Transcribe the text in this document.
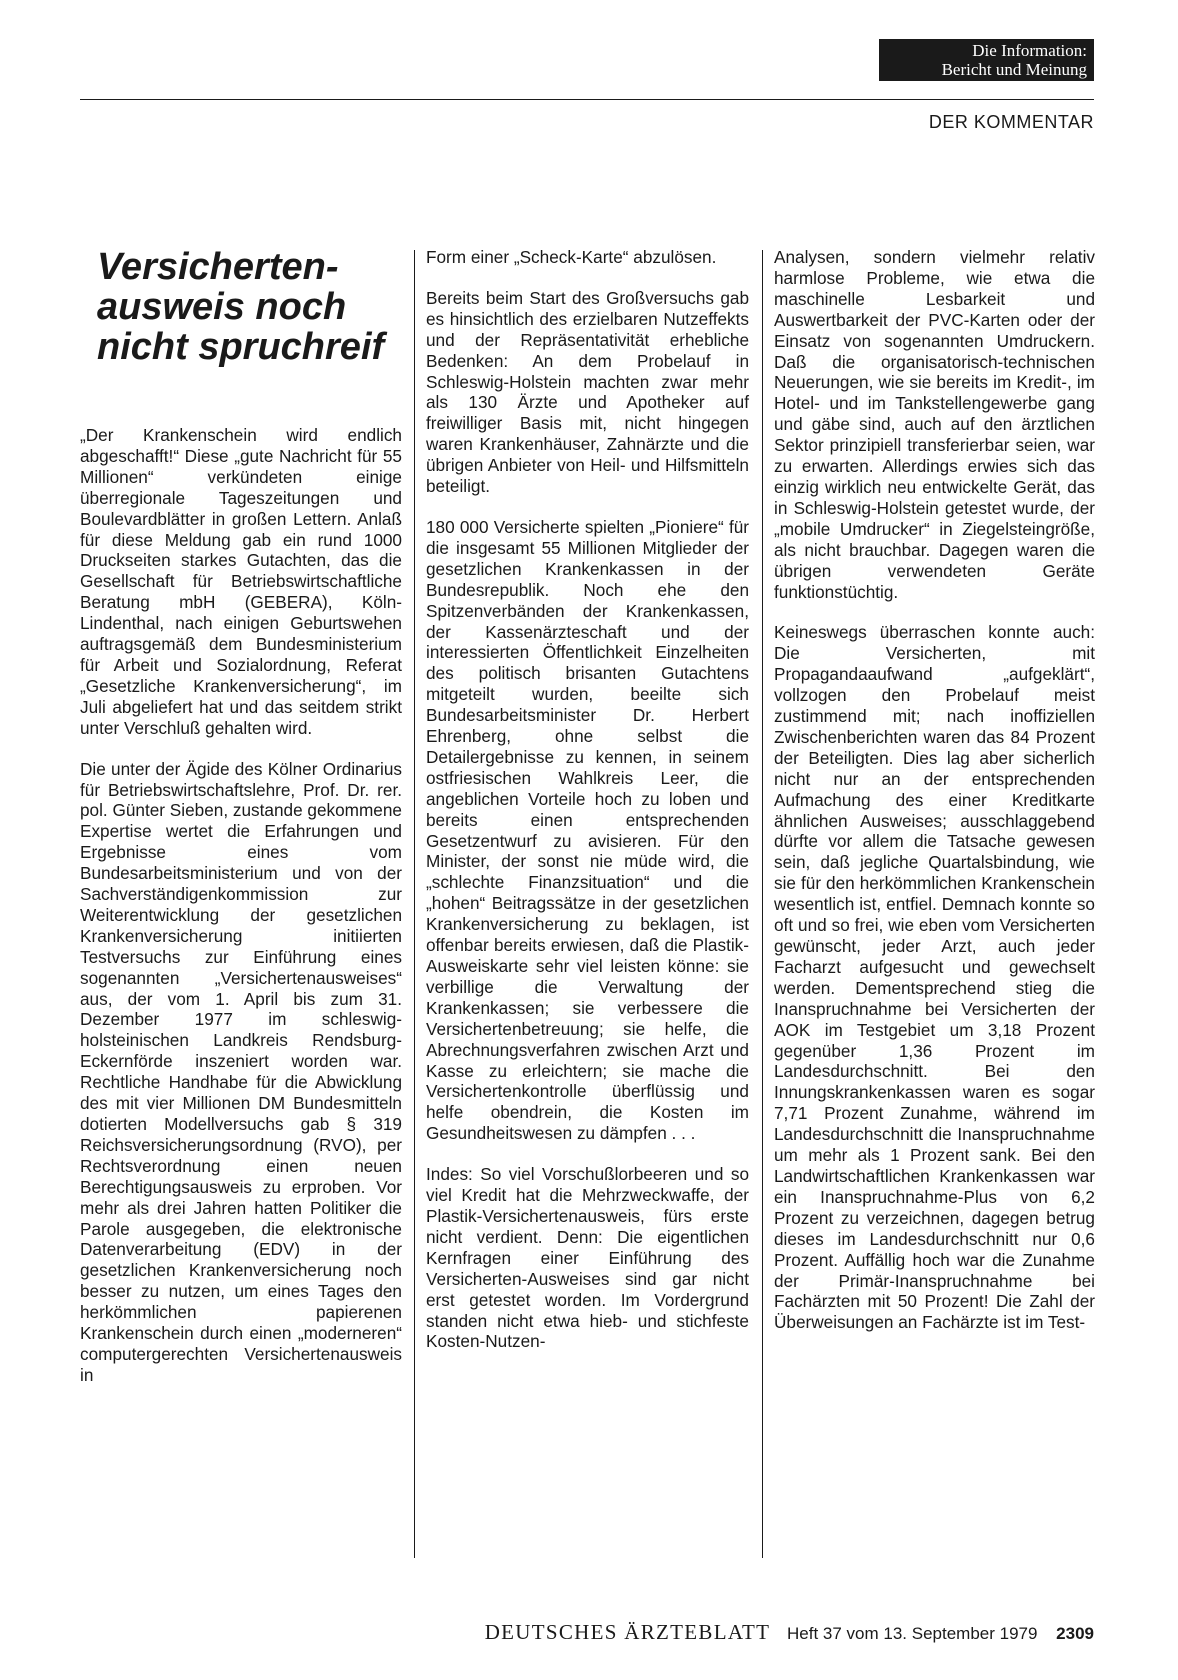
Die Information:
Bericht und Meinung
DER KOMMENTAR
Versicherten-ausweis noch nicht spruchreif

„Der Krankenschein wird endlich abgeschafft!“ Diese „gute Nachricht für 55 Millionen“ verkündeten einige überregionale Tageszeitungen und Boulevardblätter in großen Lettern. Anlaß für diese Meldung gab ein rund 1000 Druckseiten starkes Gutachten, das die Gesellschaft für Betriebswirtschaftliche Beratung mbH (GEBERA), Köln-Lindenthal, nach einigen Geburtswehen auftragsgemäß dem Bundesministerium für Arbeit und Sozialordnung, Referat „Gesetzliche Krankenversicherung“, im Juli abgeliefert hat und das seitdem strikt unter Verschluß gehalten wird.

Die unter der Ägide des Kölner Ordinarius für Betriebswirtschaftslehre, Prof. Dr. rer. pol. Günter Sieben, zustande gekommene Expertise wertet die Erfahrungen und Ergebnisse eines vom Bundesarbeitsministerium und von der Sachverständigenkommission zur Weiterentwicklung der gesetzlichen Krankenversicherung initiierten Testversuchs zur Einführung eines sogenannten „Versichertenausweises“ aus, der vom 1. April bis zum 31. Dezember 1977 im schleswig-holsteinischen Landkreis Rendsburg-Eckernförde inszeniert worden war. Rechtliche Handhabe für die Abwicklung des mit vier Millionen DM Bundesmitteln dotierten Modellversuchs gab § 319 Reichsversicherungsordnung (RVO), per Rechtsverordnung einen neuen Berechtigungsausweis zu erproben. Vor mehr als drei Jahren hatten Politiker die Parole ausgegeben, die elektronische Datenverarbeitung (EDV) in der gesetzlichen Krankenversicherung noch besser zu nutzen, um eines Tages den herkömmlichen papierenen Krankenschein durch einen „moderneren“ computergerechten Versichertenausweis in

Form einer „Scheck-Karte“ abzulösen.

Bereits beim Start des Großversuchs gab es hinsichtlich des erzielbaren Nutzeffekts und der Repräsentativität erhebliche Bedenken: An dem Probelauf in Schleswig-Holstein machten zwar mehr als 130 Ärzte und Apotheker auf freiwilliger Basis mit, nicht hingegen waren Krankenhäuser, Zahnärzte und die übrigen Anbieter von Heil- und Hilfsmitteln beteiligt.

180 000 Versicherte spielten „Pioniere“ für die insgesamt 55 Millionen Mitglieder der gesetzlichen Krankenkassen in der Bundesrepublik. Noch ehe den Spitzenverbänden der Krankenkassen, der Kassenärzteschaft und der interessierten Öffentlichkeit Einzelheiten des politisch brisanten Gutachtens mitgeteilt wurden, beeilte sich Bundesarbeitsminister Dr. Herbert Ehrenberg, ohne selbst die Detailergebnisse zu kennen, in seinem ostfriesischen Wahlkreis Leer, die angeblichen Vorteile hoch zu loben und bereits einen entsprechenden Gesetzentwurf zu avisieren. Für den Minister, der sonst nie müde wird, die „schlechte Finanzsituation“ und die „hohen“ Beitragssätze in der gesetzlichen Krankenversicherung zu beklagen, ist offenbar bereits erwiesen, daß die Plastik-Ausweiskarte sehr viel leisten könne: sie verbillige die Verwaltung der Krankenkassen; sie verbessere die Versichertenbetreuung; sie helfe, die Abrechnungsverfahren zwischen Arzt und Kasse zu erleichtern; sie mache die Versichertenkontrolle überflüssig und helfe obendrein, die Kosten im Gesundheitswesen zu dämpfen . . .

Indes: So viel Vorschußlorbeeren und so viel Kredit hat die Mehrzweckwaffe, der Plastik-Versichertenausweis, fürs erste nicht verdient. Denn: Die eigentlichen Kernfragen einer Einführung des Versicherten-Ausweises sind gar nicht erst getestet worden. Im Vordergrund standen nicht etwa hieb- und stichfeste Kosten-Nutzen-

Analysen, sondern vielmehr relativ harmlose Probleme, wie etwa die maschinelle Lesbarkeit und Auswertbarkeit der PVC-Karten oder der Einsatz von sogenannten Umdruckern. Daß die organisatorisch-technischen Neuerungen, wie sie bereits im Kredit-, im Hotel- und im Tankstellengewerbe gang und gäbe sind, auch auf den ärztlichen Sektor prinzipiell transferierbar seien, war zu erwarten. Allerdings erwies sich das einzig wirklich neu entwickelte Gerät, das in Schleswig-Holstein getestet wurde, der „mobile Umdrucker“ in Ziegelsteingröße, als nicht brauchbar. Dagegen waren die übrigen verwendeten Geräte funktionstüchtig.

Keineswegs überraschen konnte auch: Die Versicherten, mit Propagandaaufwand „aufgeklärt“, vollzogen den Probelauf meist zustimmend mit; nach inoffiziellen Zwischenberichten waren das 84 Prozent der Beteiligten. Dies lag aber sicherlich nicht nur an der entsprechenden Aufmachung des einer Kreditkarte ähnlichen Ausweises; ausschlaggebend dürfte vor allem die Tatsache gewesen sein, daß jegliche Quartalsbindung, wie sie für den herkömmlichen Krankenschein wesentlich ist, entfiel. Demnach konnte so oft und so frei, wie eben vom Versicherten gewünscht, jeder Arzt, auch jeder Facharzt aufgesucht und gewechselt werden. Dementsprechend stieg die Inanspruchnahme bei Versicherten der AOK im Testgebiet um 3,18 Prozent gegenüber 1,36 Prozent im Landesdurchschnitt. Bei den Innungskrankenkassen waren es sogar 7,71 Prozent Zunahme, während im Landesdurchschnitt die Inanspruchnahme um mehr als 1 Prozent sank. Bei den Landwirtschaftlichen Krankenkassen war ein Inanspruchnahme-Plus von 6,2 Prozent zu verzeichnen, dagegen betrug dieses im Landesdurchschnitt nur 0,6 Prozent. Auffällig hoch war die Zunahme der Primär-Inanspruchnahme bei Fachärzten mit 50 Prozent! Die Zahl der Überweisungen an Fachärzte ist im Test-

DEUTSCHES ÄRZTEBLATT Heft 37 vom 13. September 1979 2309
